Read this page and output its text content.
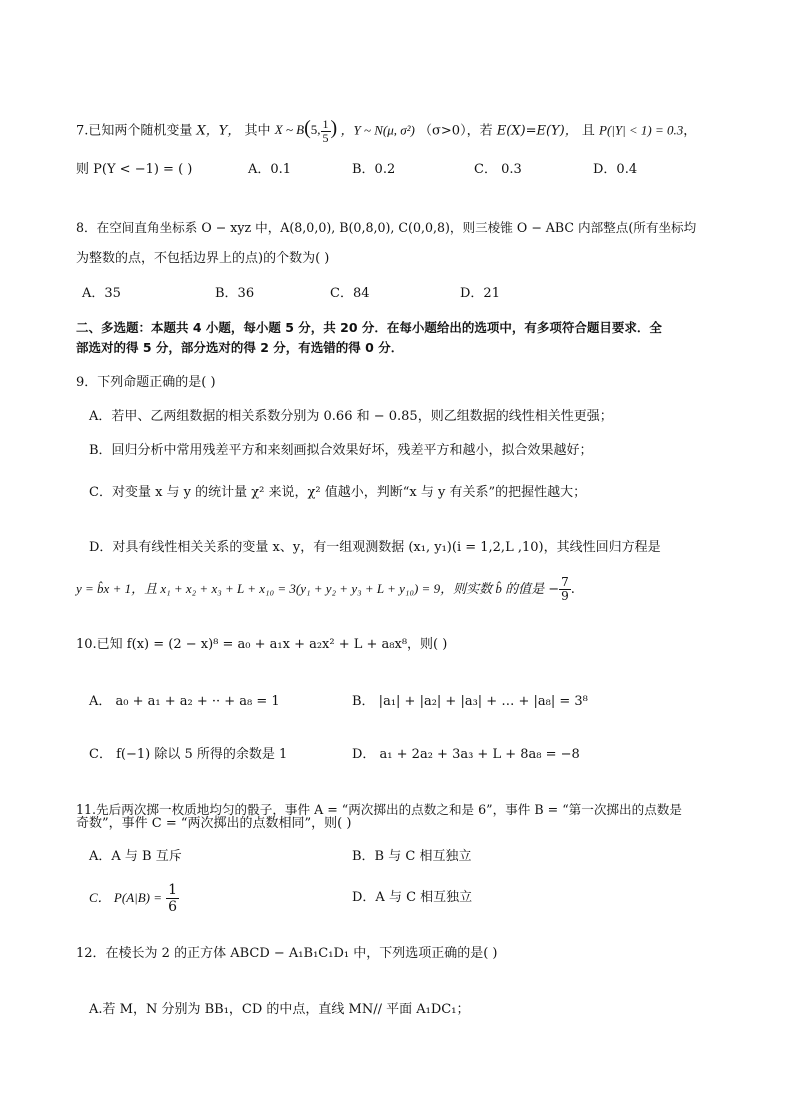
7.已知两个随机变量 X，Y， 其中 X ~ B(5, $\frac{1}{5}$ ) ，Y ~ N(μ, σ²) （σ>0），若 E(X)=E(Y)， 且 P(|Y| < 1) = 0.3，
则 P(Y < −1) = ( )	A．0.1	B．0.2	C． 0.3	D．0.4
8．在空间直角坐标系 O − xyz 中，A(8,0,0), B(0,8,0), C(0,0,8)，则三棱锥 O − ABC 内部整点(所有坐标均
为整数的点，不包括边界上的点)的个数为( )
A．35	B．36	C．84	D．21
二、多选题：本题共 4 小题，每小题 5 分，共 20 分．在每小题给出的选项中，有多项符合题目要求．全
部选对的得 5 分，部分选对的得 2 分，有选错的得 0 分．
9．下列命题正确的是( )
A．若甲、乙两组数据的相关系数分别为 0.66 和 − 0.85，则乙组数据的线性相关性更强；
B．回归分析中常用残差平方和来刻画拟合效果好坏，残差平方和越小，拟合效果越好；
C．对变量 x 与 y 的统计量 χ² 来说，χ² 值越小，判断“x 与 y 有关系”的把握性越大；
D．对具有线性相关关系的变量 x、y，有一组观测数据 (x₁, y₁)(i = 1,2,L ,10)，其线性回归方程是
y = b̂x + 1，且 x₁ + x₂ + x₃ + L + x₁₀ = 3(y₁ + y₂ + y₃ + L + y₁₀) = 9，则实数 b̂ 的值是 − $\frac{7}{9}$ .
10.已知 f(x) = (2 − x)⁸ = a₀ + a₁x + a₂x² + L + a₈x⁸，则( )
A． a₀ + a₁ + a₂ + ·· + a₈ = 1	B． |a₁| + |a₂| + |a₃| + … + |a₈| = 3⁸
C． f(−1) 除以 5 所得的余数是 1	D． a₁ + 2a₂ + 3a₃ + L + 8a₈ = −8
11.先后两次掷一枚质地均匀的骰子，事件 A = “两次掷出的点数之和是 6”，事件 B = “第一次掷出的点数是
奇数”，事件 C = “两次掷出的点数相同”，则( )
A．A 与 B 互斥	B．B 与 C 相互独立
C． $P(A|B) = \frac{1}{6}$	D．A 与 C 相互独立
12．在棱长为 2 的正方体 ABCD − A₁B₁C₁D₁ 中，下列选项正确的是( )
A.若 M，N 分别为 BB₁，CD 的中点，直线 MN// 平面 A₁DC₁；
